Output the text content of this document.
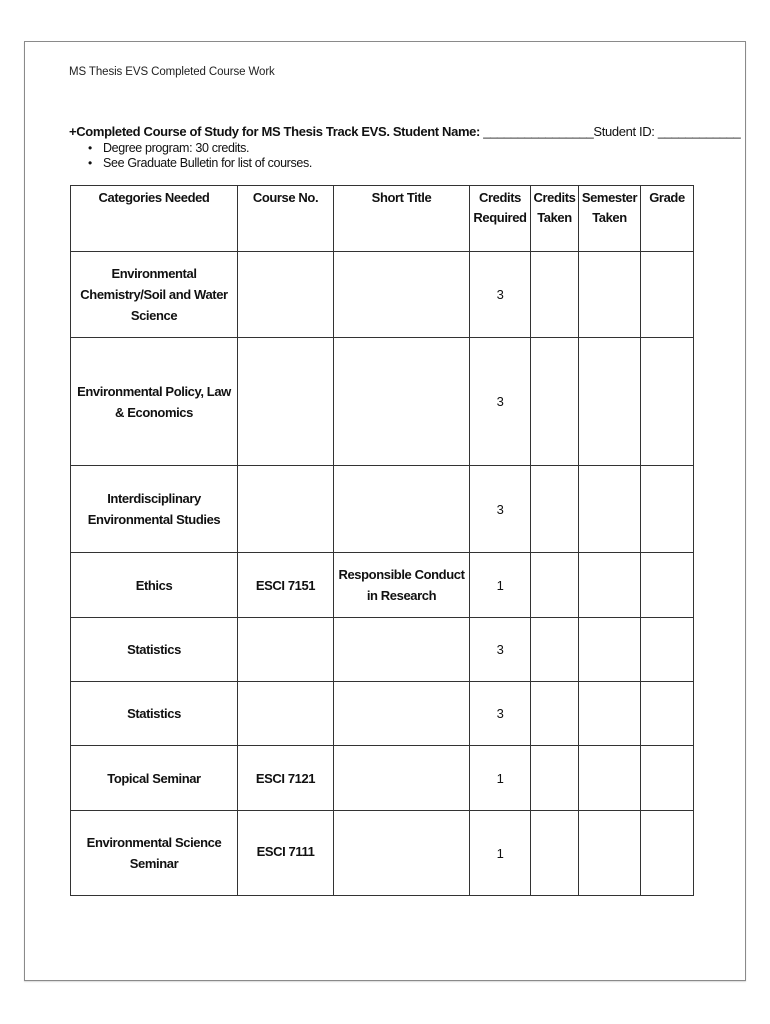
MS Thesis EVS Completed Course Work
+Completed Course of Study for MS Thesis Track EVS. Student Name: ________________Student ID: ____________
• Degree program: 30 credits.
• See Graduate Bulletin for list of courses.
Categories Needed	Course No.	Short Title	Credits Required	Credits Taken	Semester Taken	Grade
Environmental Chemistry/Soil and Water Science			3			
Environmental Policy, Law & Economics			3			
Interdisciplinary Environmental Studies			3			
Ethics	ESCI 7151	Responsible Conduct in Research	1			
Statistics			3			
Statistics			3			
Topical Seminar	ESCI 7121		1			
Environmental Science Seminar	ESCI 7111		1			
